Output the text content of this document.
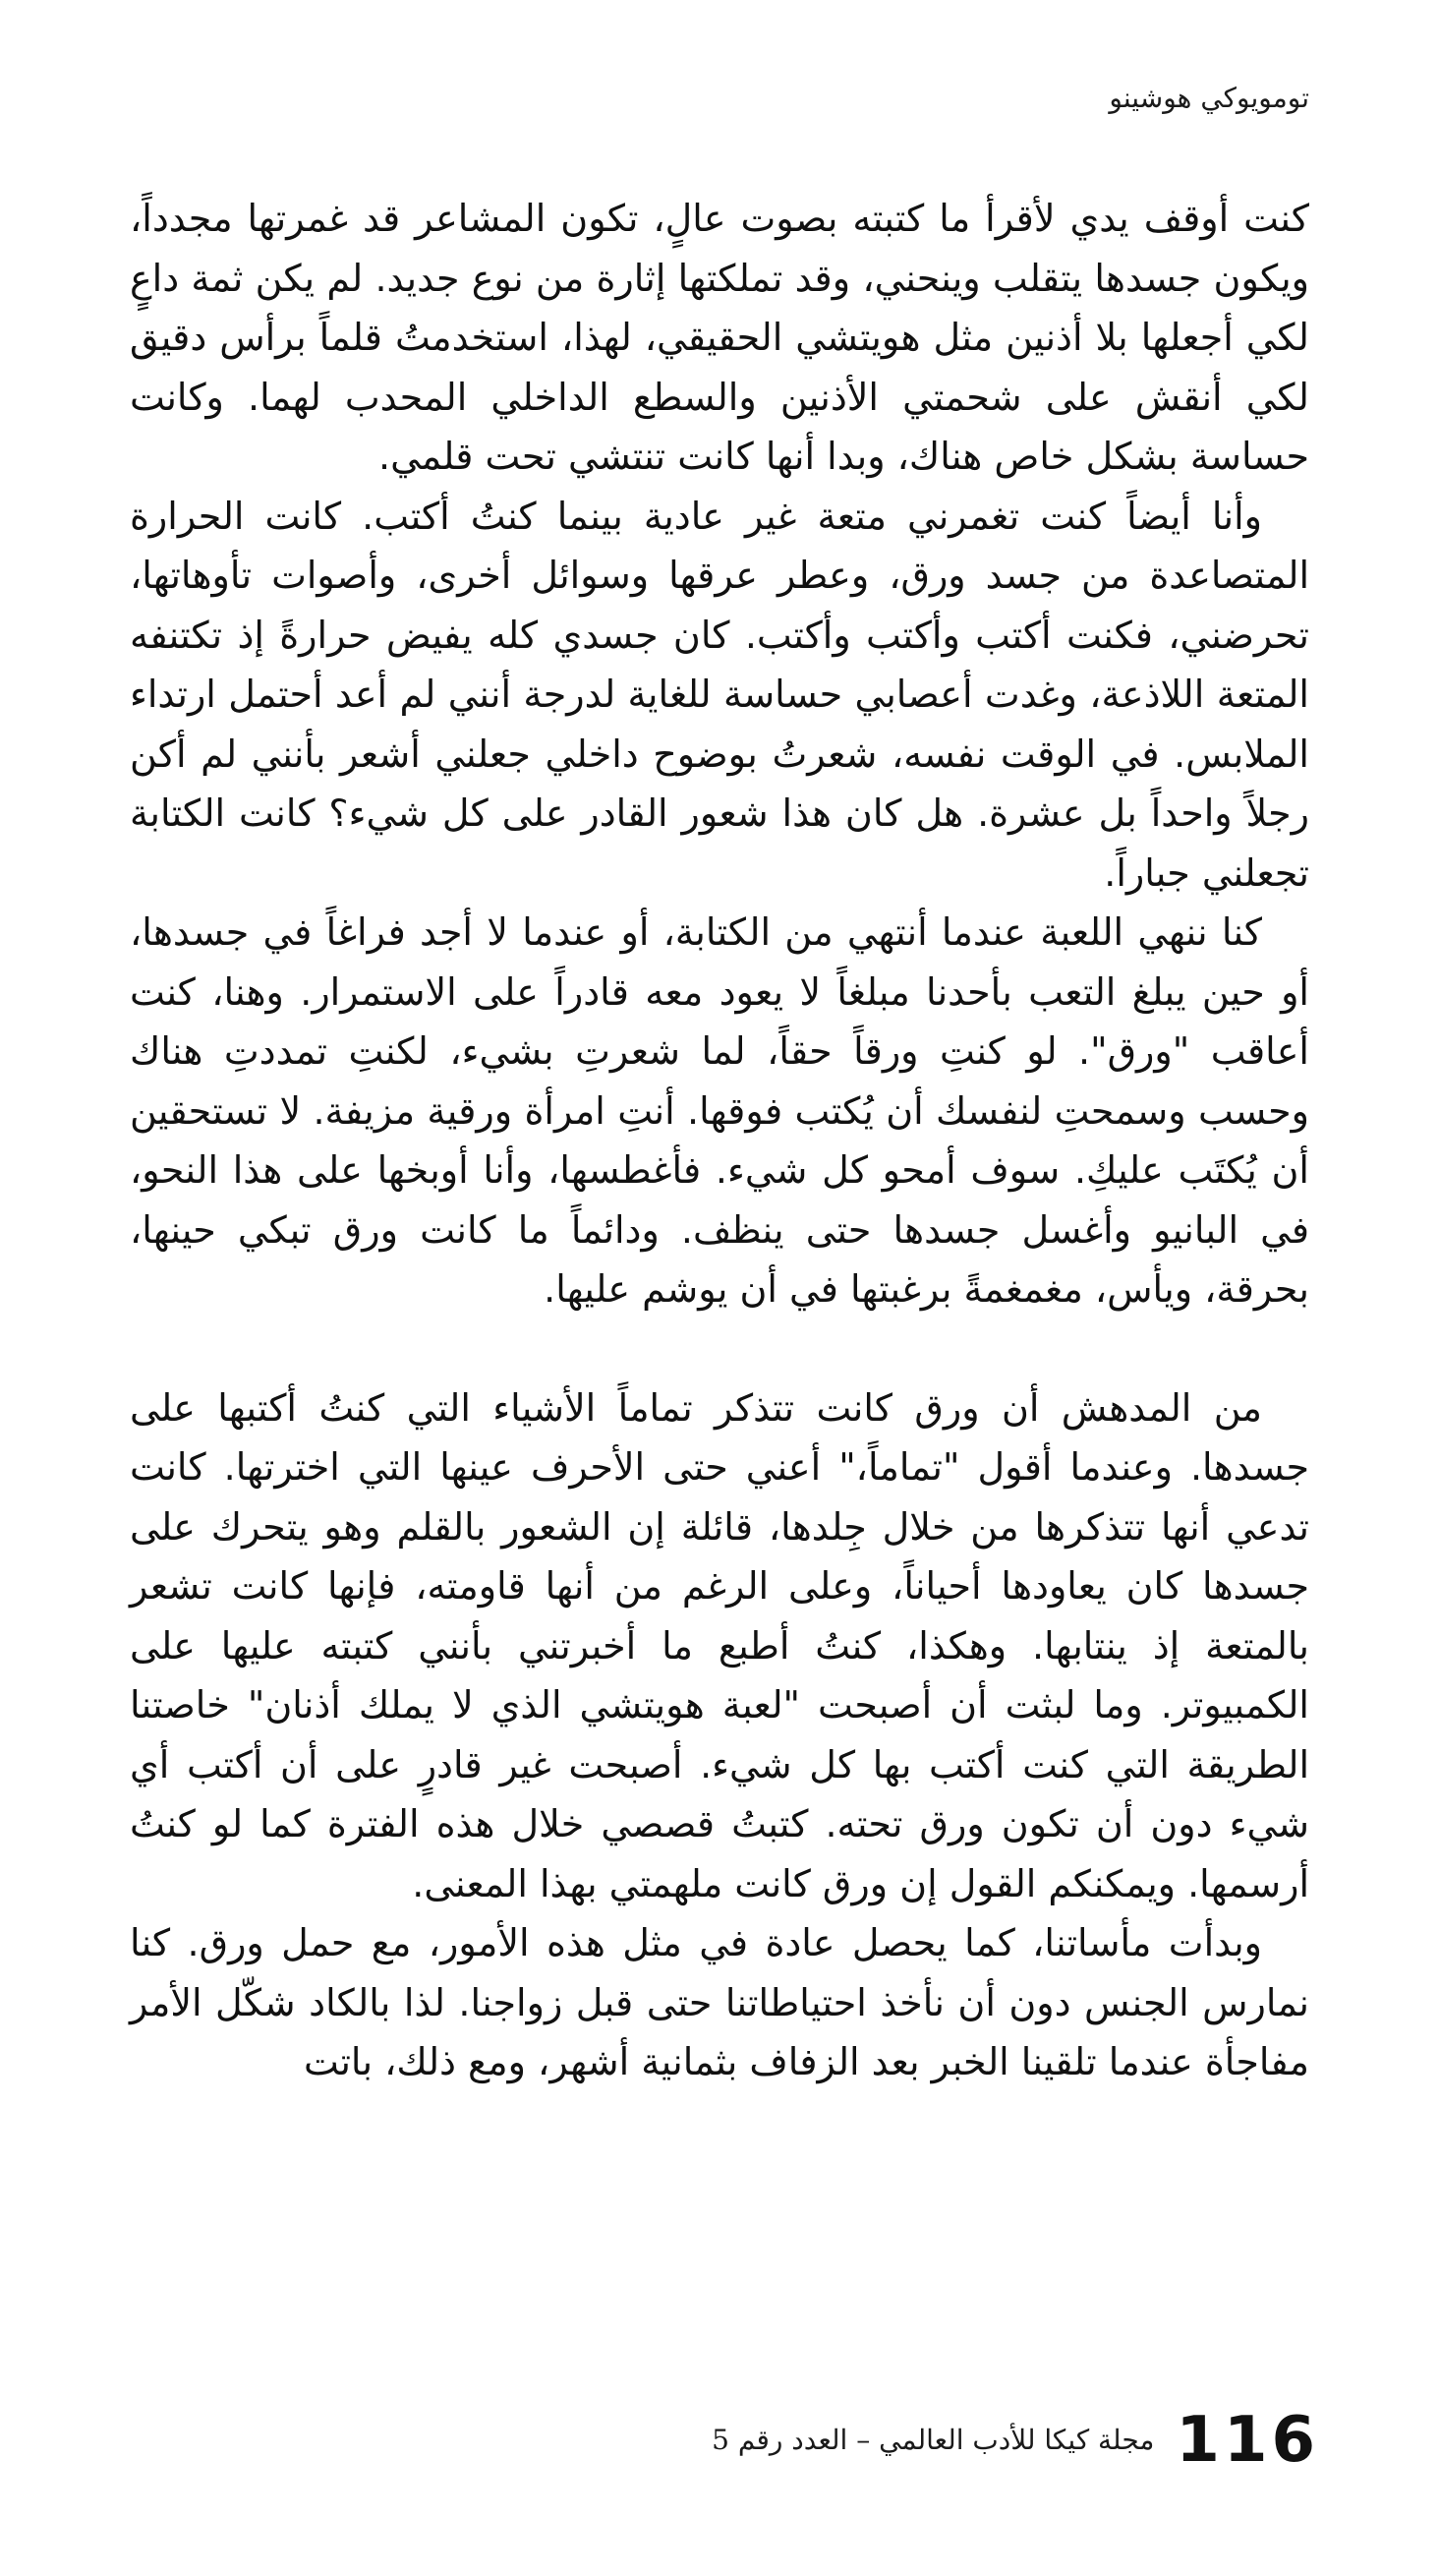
تومويوكي هوشينو

كنت أوقف يدي لأقرأ ما كتبته بصوت عالٍ، تكون المشاعر قد غمرتها مجدداً، ويكون جسدها يتقلب وينحني، وقد تملكتها إثارة من نوع جديد. لم يكن ثمة داعٍ لكي أجعلها بلا أذنين مثل هويتشي الحقيقي، لهذا، استخدمتُ قلماً برأس دقيق لكي أنقش على شحمتي الأذنين والسطع الداخلي المحدب لهما. وكانت حساسة بشكل خاص هناك، وبدا أنها كانت تنتشي تحت قلمي.

وأنا أيضاً كنت تغمرني متعة غير عادية بينما كنتُ أكتب. كانت الحرارة المتصاعدة من جسد ورق، وعطر عرقها وسوائل أخرى، وأصوات تأوهاتها، تحرضني، فكنت أكتب وأكتب وأكتب. كان جسدي كله يفيض حرارةً إذ تكتنفه المتعة اللاذعة، وغدت أعصابي حساسة للغاية لدرجة أنني لم أعد أحتمل ارتداء الملابس. في الوقت نفسه، شعرتُ بوضوح داخلي جعلني أشعر بأنني لم أكن رجلاً واحداً بل عشرة. هل كان هذا شعور القادر على كل شيء؟ كانت الكتابة تجعلني جباراً.

كنا ننهي اللعبة عندما أنتهي من الكتابة، أو عندما لا أجد فراغاً في جسدها، أو حين يبلغ التعب بأحدنا مبلغاً لا يعود معه قادراً على الاستمرار. وهنا، كنت أعاقب "ورق". لو كنتِ ورقاً حقاً، لما شعرتِ بشيء، لكنتِ تمددتِ هناك وحسب وسمحتِ لنفسك أن يُكتب فوقها. أنتِ امرأة ورقية مزيفة. لا تستحقين أن يُكتَب عليكِ. سوف أمحو كل شيء. فأغطسها، وأنا أوبخها على هذا النحو، في البانيو وأغسل جسدها حتى ينظف. ودائماً ما كانت ورق تبكي حينها، بحرقة، ويأس، مغمغمةً برغبتها في أن يوشم عليها.

من المدهش أن ورق كانت تتذكر تماماً الأشياء التي كنتُ أكتبها على جسدها. وعندما أقول "تماماً،" أعني حتى الأحرف عينها التي اخترتها. كانت تدعي أنها تتذكرها من خلال جِلدها، قائلة إن الشعور بالقلم وهو يتحرك على جسدها كان يعاودها أحياناً، وعلى الرغم من أنها قاومته، فإنها كانت تشعر بالمتعة إذ ينتابها. وهكذا، كنتُ أطبع ما أخبرتني بأنني كتبته عليها على الكمبيوتر. وما لبثت أن أصبحت "لعبة هويتشي الذي لا يملك أذنان" خاصتنا الطريقة التي كنت أكتب بها كل شيء. أصبحت غير قادرٍ على أن أكتب أي شيء دون أن تكون ورق تحته. كتبتُ قصصي خلال هذه الفترة كما لو كنتُ أرسمها. ويمكنكم القول إن ورق كانت ملهمتي بهذا المعنى.

وبدأت مأساتنا، كما يحصل عادة في مثل هذه الأمور، مع حمل ورق. كنا نمارس الجنس دون أن نأخذ احتياطاتنا حتى قبل زواجنا. لذا بالكاد شكّل الأمر مفاجأة عندما تلقينا الخبر بعد الزفاف بثمانية أشهر، ومع ذلك، باتت

116
مجلة كيكا للأدب العالمي – العدد رقم 5
